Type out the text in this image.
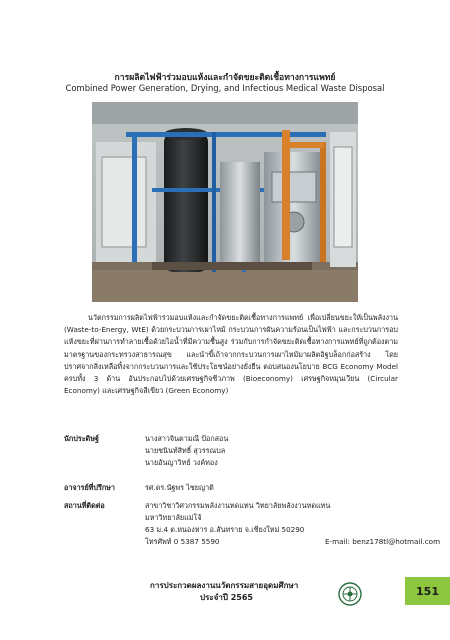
การผลิตไฟฟ้าร่วมอบแห้งและกำจัดขยะติดเชื้อทางการแพทย์
Combined Power Generation, Drying, and Infectious Medical Waste Disposal

นวัตกรรมการผลิตไฟฟ้าร่วมอบแห้งและกำจัดขยะติดเชื้อทางการแพทย์ เพื่อเปลี่ยนขยะให้เป็นพลังงาน (Waste-to-Energy, WtE) ด้วยกระบวนการเผาไหม้ กระบวนการผันความร้อนเป็นไฟฟ้า และกระบวนการอบแห้งขยะที่ผ่านการทำลายเชื้อด้วยไอน้ำที่มีความชื้นสูง ร่วมกับการกำจัดขยะติดเชื้อทางการแพทย์ที่ถูกต้องตามมาตรฐานของกระทรวงสาธารณสุข และนำขี้เถ้าจากกระบวนการเผาไหม้มาผลิตอิฐบล็อกก่อสร้าง โดยปราศจากสิ่งเหลือทิ้งจากกระบวนการและใช้ประโยชน์อย่างยั่งยืน ตอบสนองนโยบาย BCG Economy Model ครบทั้ง 3 ด้าน อันประกอบไปด้วยเศรษฐกิจชีวภาพ (Bioeconomy) เศรษฐกิจหมุนเวียน (Circular Economy) และเศรษฐกิจสีเขียว (Green Economy)

นักประดิษฐ์	นางสาวจินตามณี ป้อกสอน
นายชนินท์สิทธิ์ สุวรรณบล
นายอันญาวิทย์ วงค์ทอง
อาจารย์ที่ปรึกษา	รศ.ดร.นัฐพร ไชยญาติ
สถานที่ติดต่อ	สาขาวิชาวิศวกรรมพลังงานทดแทน วิทยาลัยพลังงานทดแทน
มหาวิทยาลัยแม่โจ้
63 ม.4 ต.หนองหาร อ.สันทราย จ.เชียงใหม่ 50290
โทรศัพท์ 0 5387 5590	E-mail: benz178tl@hotmail.com
การประกวดผลงานนวัตกรรมสายอุดมศึกษา
ประจำปี 2565	151
